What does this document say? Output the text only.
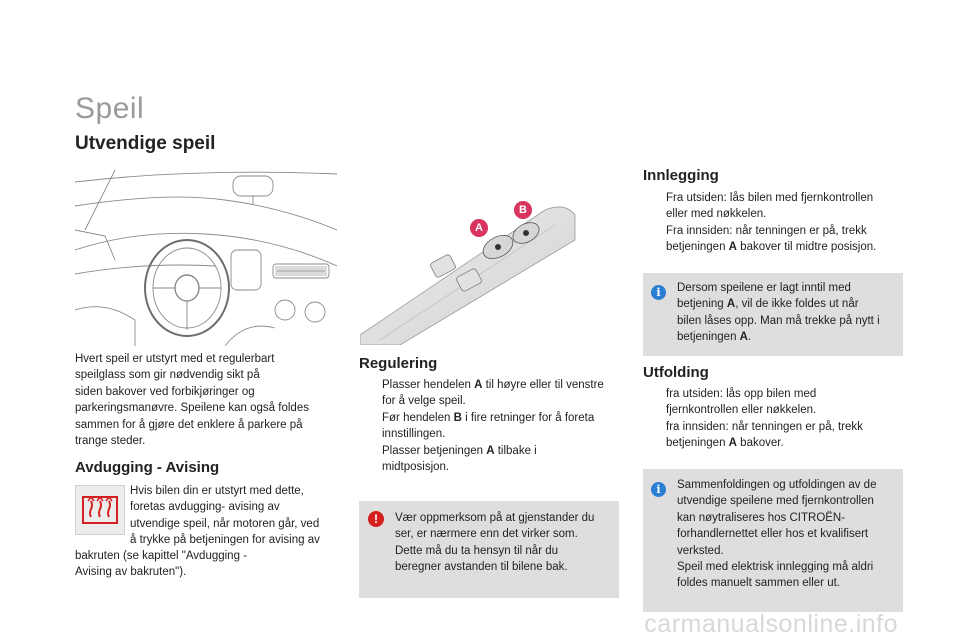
Speil
Utvendige speil
A
B
Hvert speil er utstyrt med et regulerbart
speilglass som gir nødvendig sikt på
siden bakover ved forbikjøringer og
parkeringsmanøvre. Speilene kan også foldes
sammen for å gjøre det enklere å parkere på
trange steder.
Avdugging - Avising
Hvis bilen din er utstyrt med dette,
foretas avdugging- avising av
utvendige speil, når motoren går, ved
å trykke på betjeningen for avising av
bakruten (se kapittel "Avdugging -
Avising av bakruten").
Regulering
Plasser hendelen A til høyre eller til venstre
for å velge speil.
Før hendelen B i fire retninger for å foreta
innstillingen.
Plasser betjeningen A tilbake i
midtposisjon.
!	Vær oppmerksom på at gjenstander du
ser, er nærmere enn det virker som.
Dette må du ta hensyn til når du
beregner avstanden til bilene bak.
Innlegging
Fra utsiden: lås bilen med fjernkontrollen
eller med nøkkelen.
Fra innsiden: når tenningen er på, trekk
betjeningen A bakover til midtre posisjon.
i	Dersom speilene er lagt inntil med
betjening A, vil de ikke foldes ut når
bilen låses opp. Man må trekke på nytt i
betjeningen A.
Utfolding
fra utsiden: lås opp bilen med
fjernkontrollen eller nøkkelen.
fra innsiden: når tenningen er på, trekk
betjeningen A bakover.
i	Sammenfoldingen og utfoldingen av de
utvendige speilene med fjernkontrollen
kan nøytraliseres hos CITROËN-
forhandlernettet eller hos et kvalifisert
verksted.
Speil med elektrisk innlegging må aldri
foldes manuelt sammen eller ut.
carmanualsonline.info
